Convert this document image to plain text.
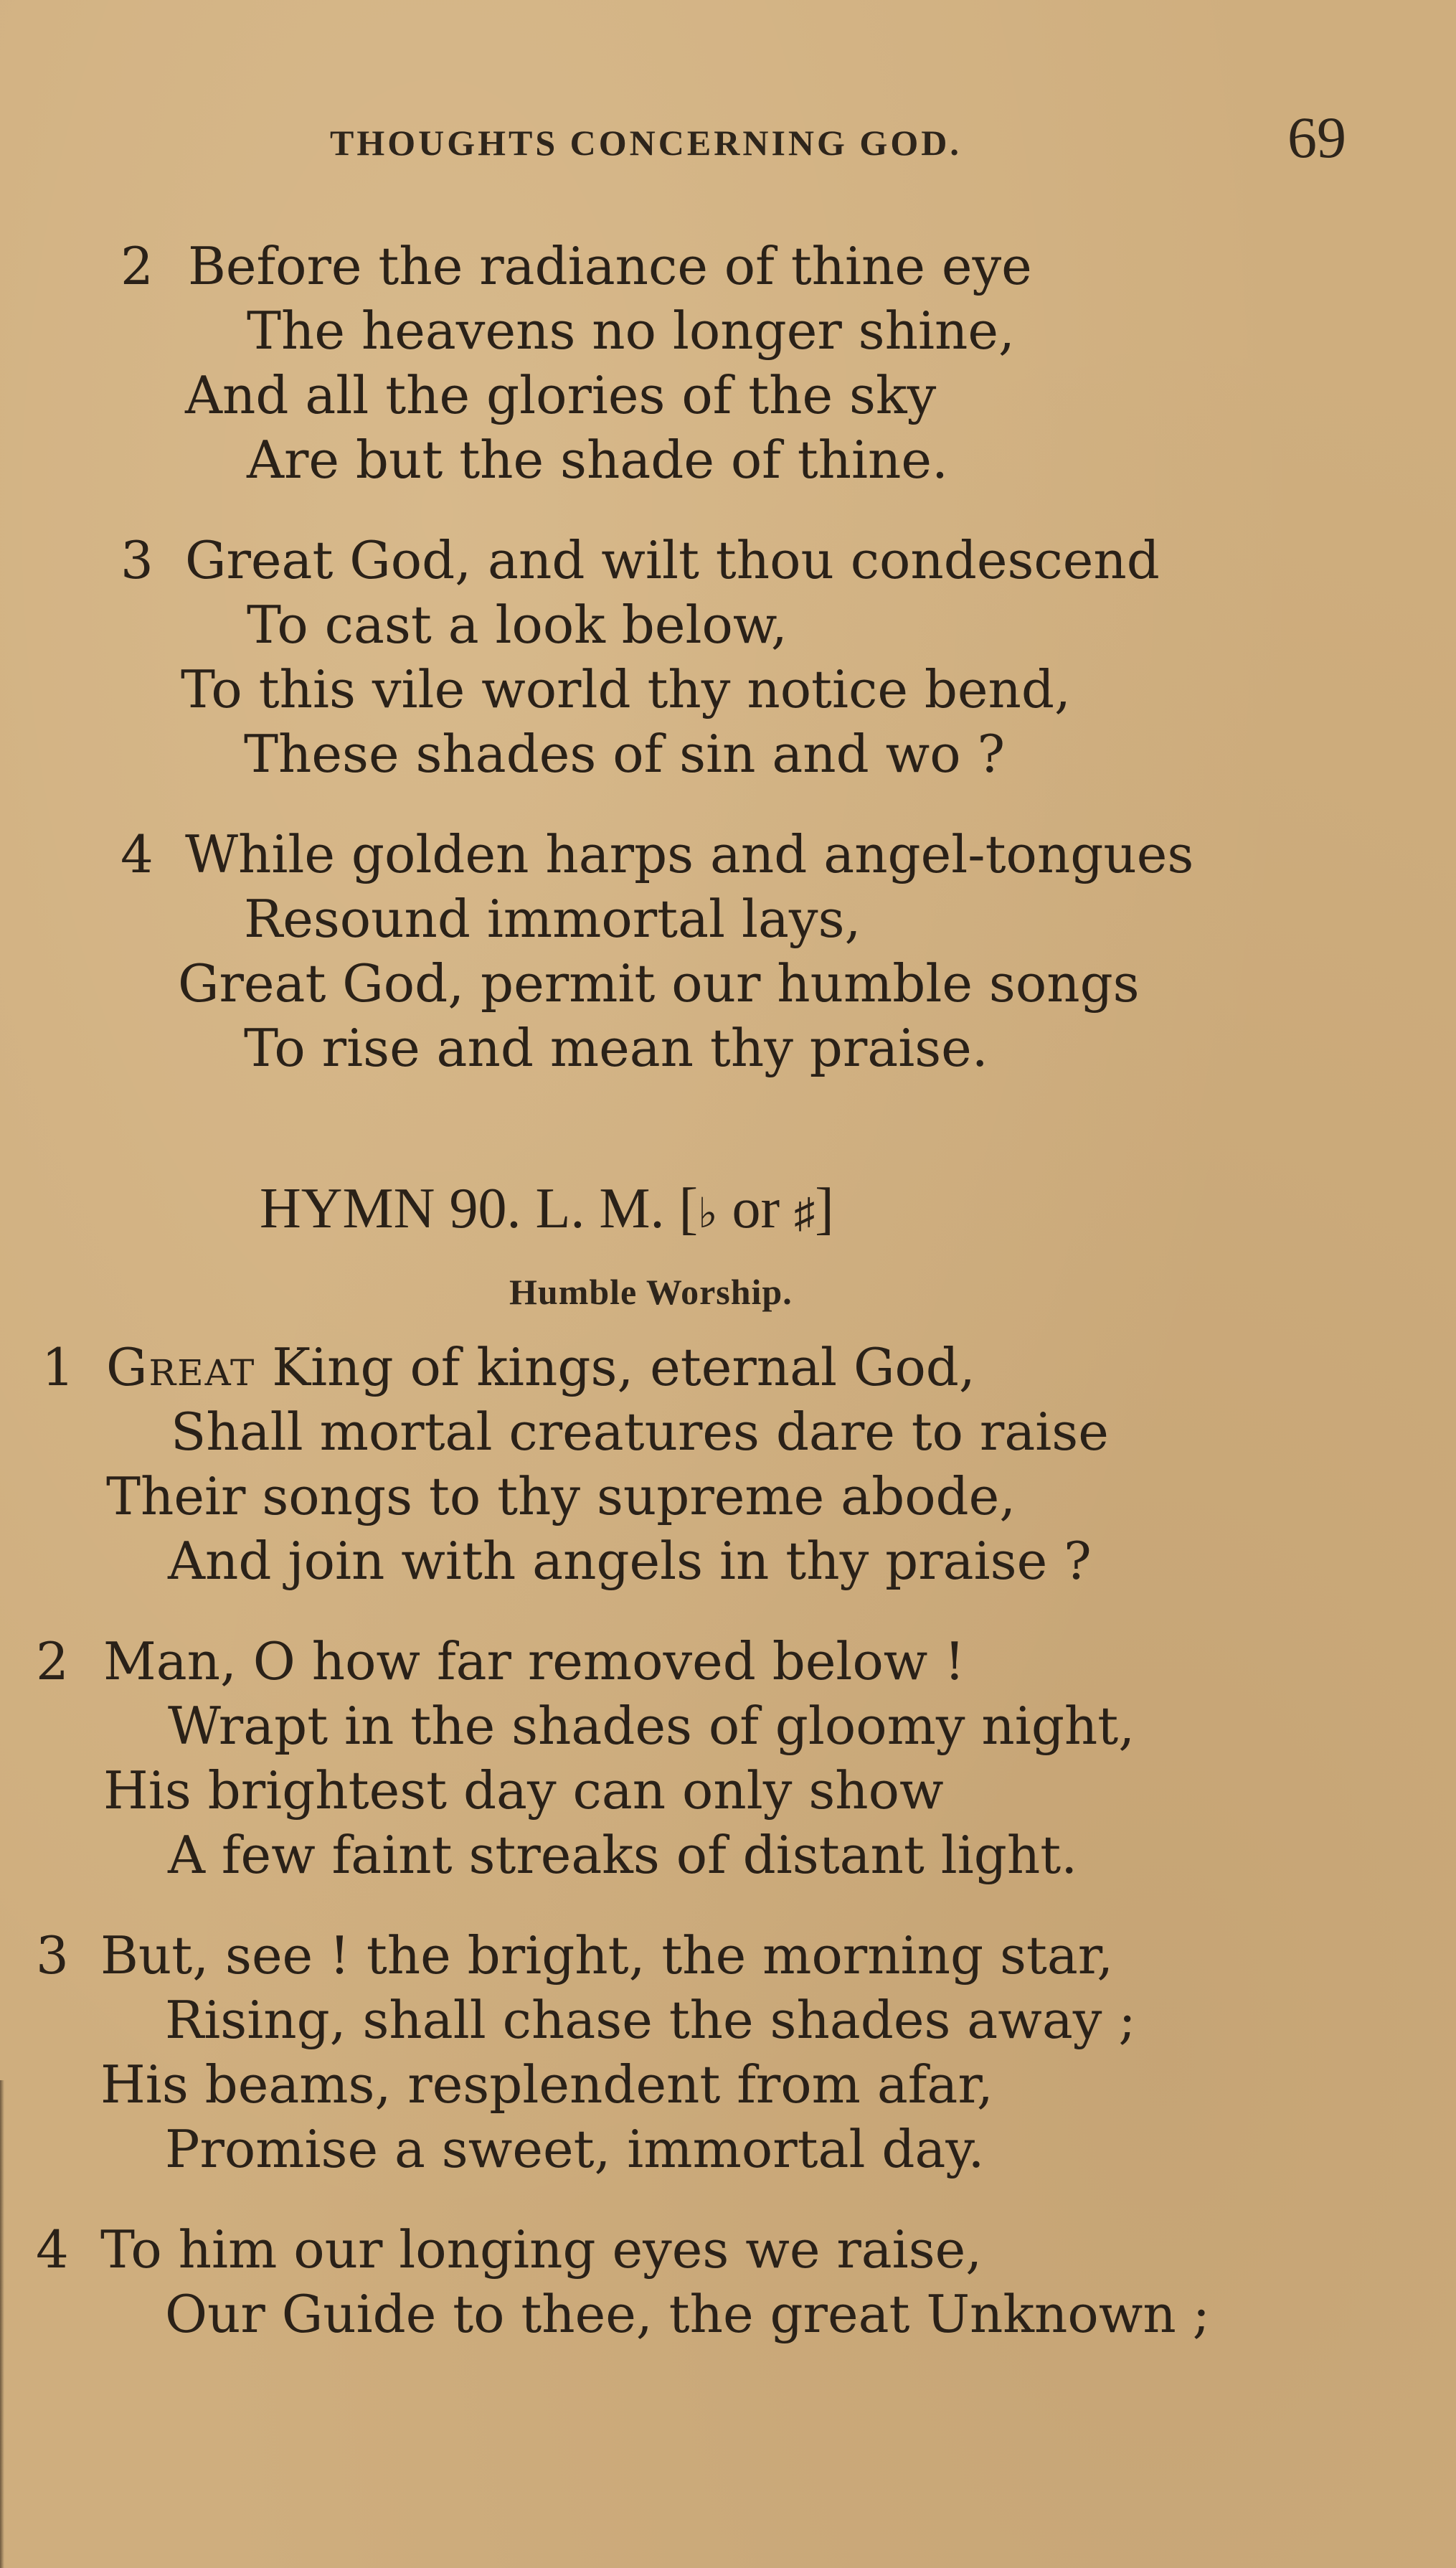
THOUGHTS CONCERNING GOD.	69
2 Before the radiance of thine eye
The heavens no longer shine,
And all the glories of the sky
Are but the shade of thine.
3 Great God, and wilt thou condescend
To cast a look below,
To this vile world thy notice bend,
These shades of sin and wo ?
4 While golden harps and angel-tongues
Resound immortal lays,
Great God, permit our humble songs
To rise and mean thy praise.
HYMN 90. L. M. [♭ or ♯]
Humble Worship.
1 Great King of kings, eternal God,
Shall mortal creatures dare to raise
Their songs to thy supreme abode,
And join with angels in thy praise ?
2 Man, O how far removed below !
Wrapt in the shades of gloomy night,
His brightest day can only show
A few faint streaks of distant light.
3 But, see ! the bright, the morning star,
Rising, shall chase the shades away ;
His beams, resplendent from afar,
Promise a sweet, immortal day.
4 To him our longing eyes we raise,
Our Guide to thee, the great Unknown ;
